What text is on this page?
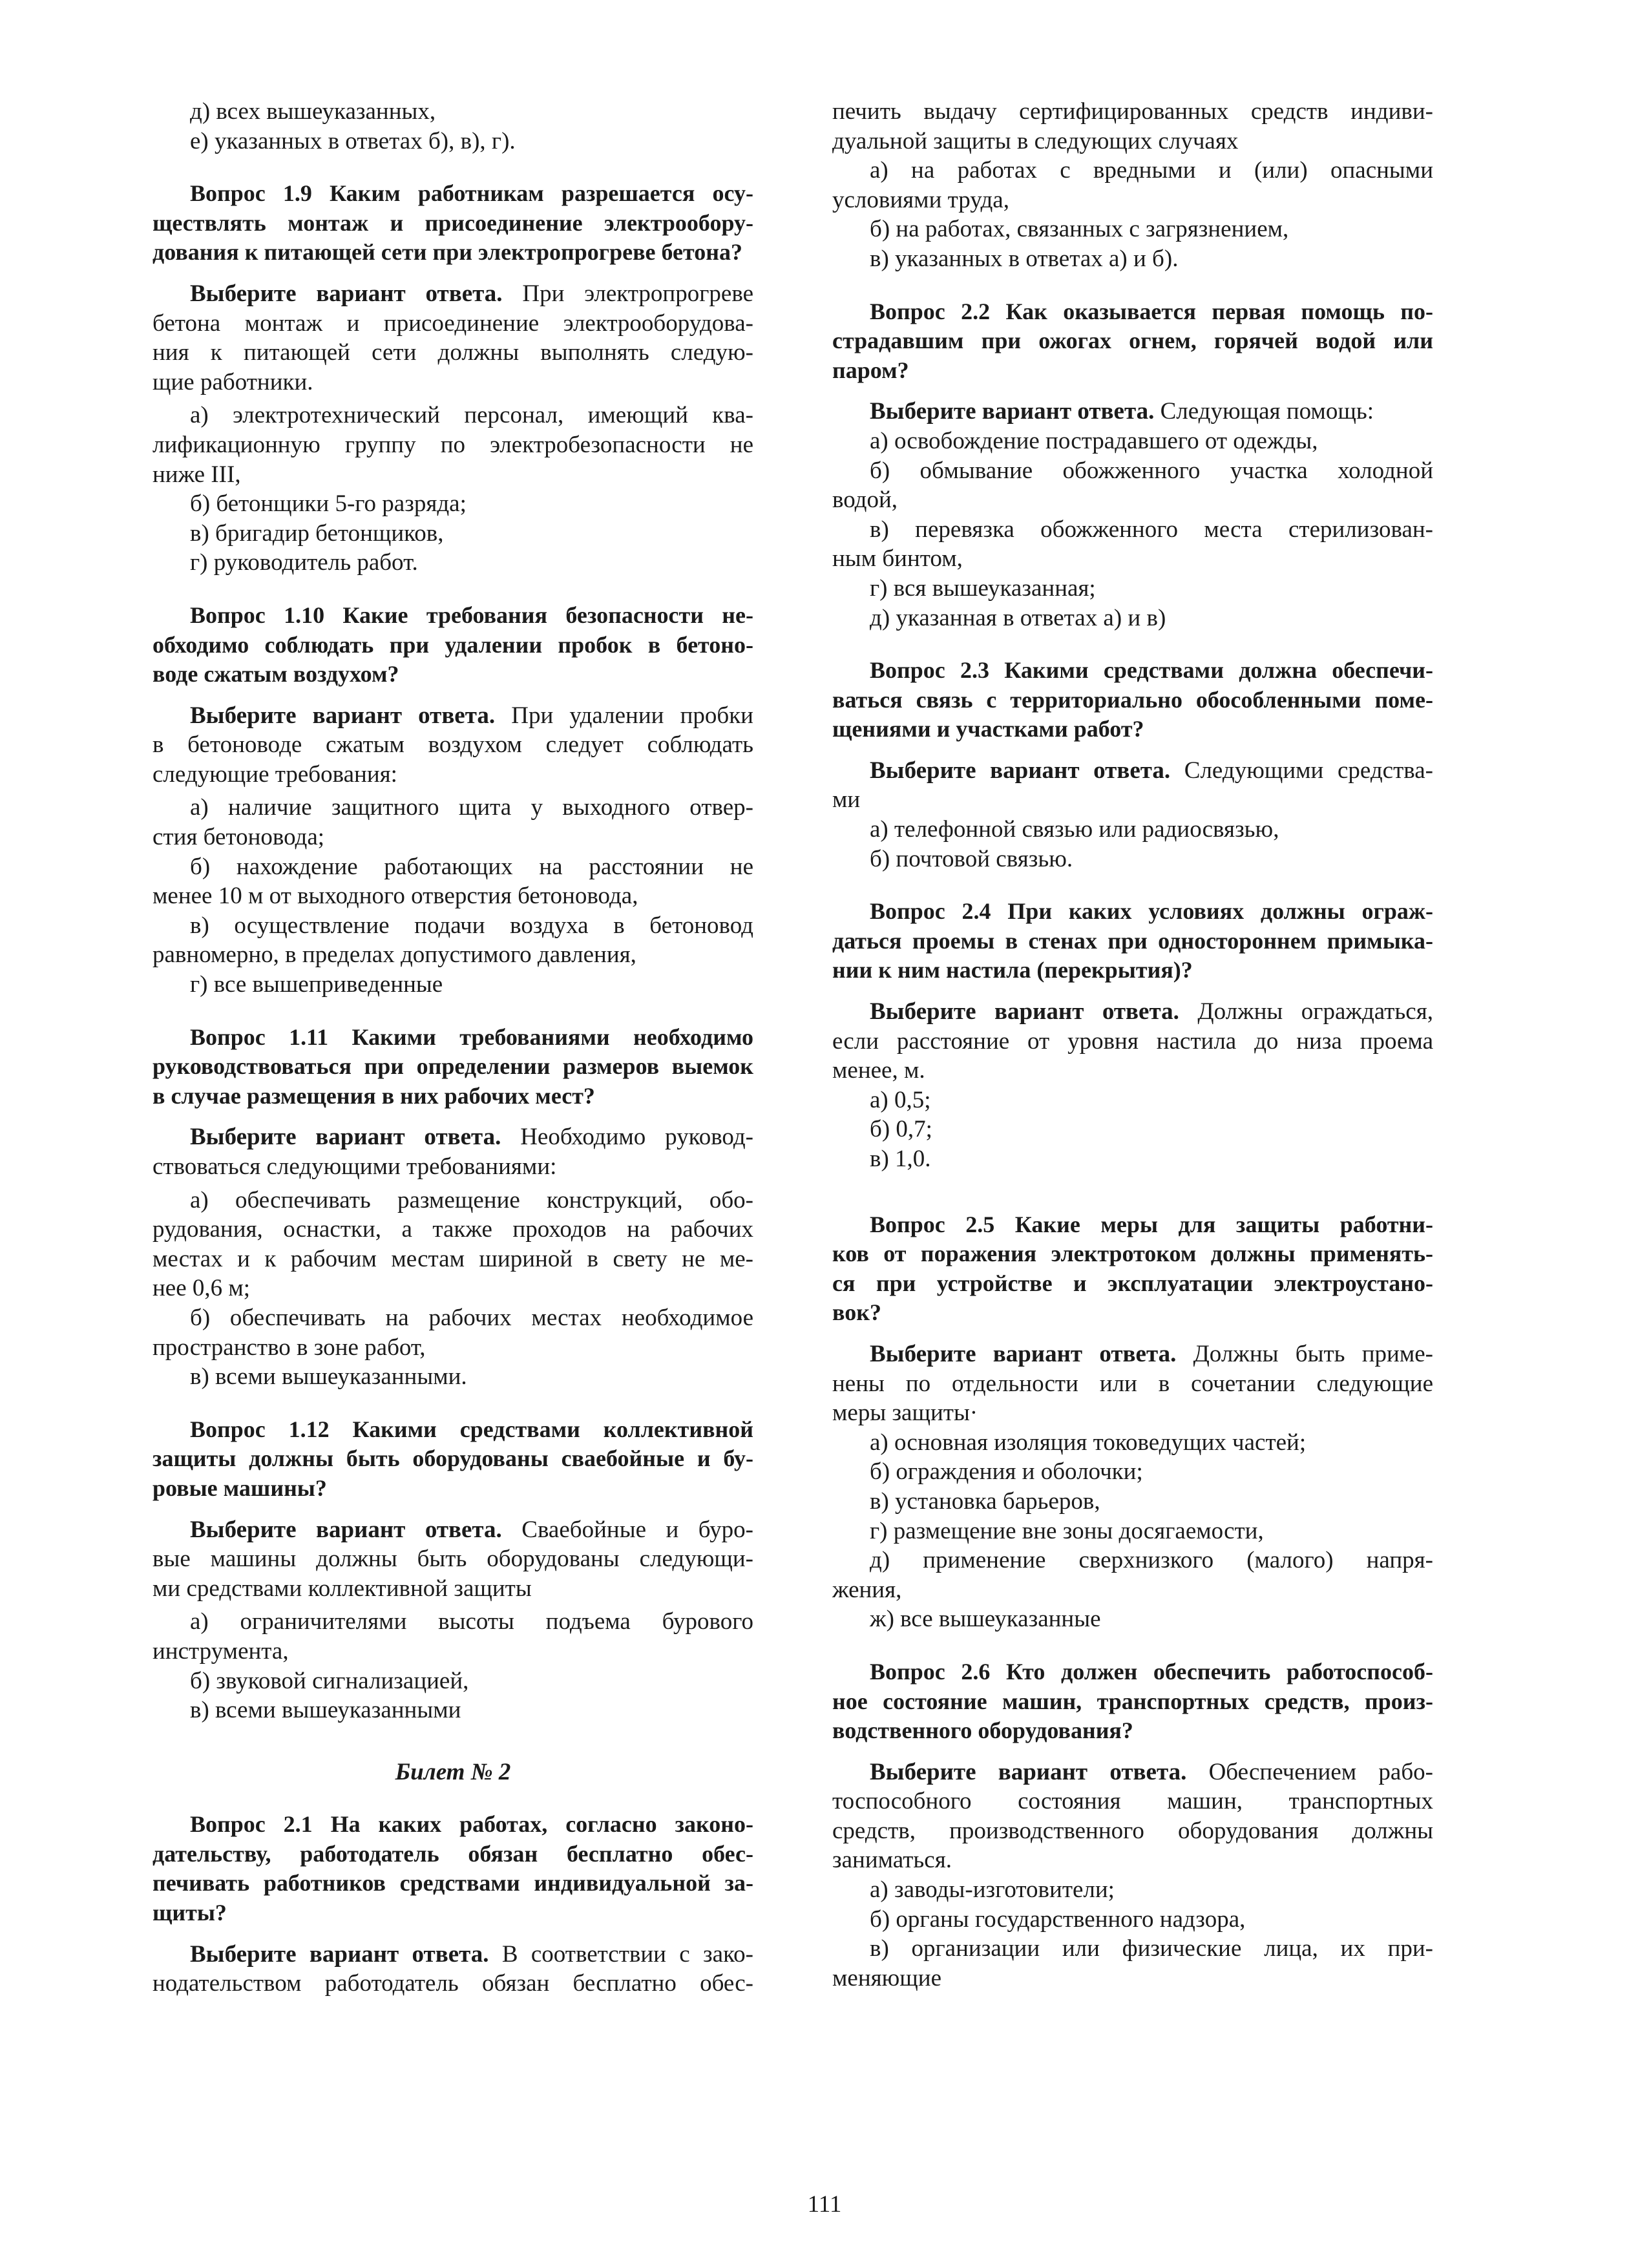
д) всех вышеуказанных,
е) указанных в ответах б), в), г).
Вопрос 1.9 Каким работникам разрешается осу-
ществлять монтаж и присоединение электрообору-
дования к питающей сети при электропрогреве бетона?
Выберите вариант ответа. При электропрогреве
бетона монтаж и присоединение электрооборудова-
ния к питающей сети должны выполнять следую-
щие работники.
а) электротехнический персонал, имеющий ква-
лификационную группу по электробезопасности не
ниже III,
б) бетонщики 5-го разряда;
в) бригадир бетонщиков,
г) руководитель работ.
Вопрос 1.10 Какие требования безопасности не-
обходимо соблюдать при удалении пробок в бетоно-
воде сжатым воздухом?
Выберите вариант ответа. При удалении пробки
в бетоноводе сжатым воздухом следует соблюдать
следующие требования:
а) наличие защитного щита у выходного отвер-
стия бетоновода;
б) нахождение работающих на расстоянии не
менее 10 м от выходного отверстия бетоновода,
в) осуществление подачи воздуха в бетоновод
равномерно, в пределах допустимого давления,
г) все вышеприведенные
Вопрос 1.11 Какими требованиями необходимо
руководствоваться при определении размеров выемок
в случае размещения в них рабочих мест?
Выберите вариант ответа. Необходимо руковод-
ствоваться следующими требованиями:
а) обеспечивать размещение конструкций, обо-
рудования, оснастки, а также проходов на рабочих
местах и к рабочим местам шириной в свету не ме-
нее 0,6 м;
б) обеспечивать на рабочих местах необходимое
пространство в зоне работ,
в) всеми вышеуказанными.
Вопрос 1.12 Какими средствами коллективной
защиты должны быть оборудованы сваебойные и бу-
ровые машины?
Выберите вариант ответа. Сваебойные и буро-
вые машины должны быть оборудованы следующи-
ми средствами коллективной защиты
а) ограничителями высоты подъема бурового
инструмента,
б) звуковой сигнализацией,
в) всеми вышеуказанными
Билет № 2
Вопрос 2.1 На каких работах, согласно законо-
дательству, работодатель обязан бесплатно обес-
печивать работников средствами индивидуальной за-
щиты?
Выберите вариант ответа. В соответствии с зако-
нодательством работодатель обязан бесплатно обес-
печить выдачу сертифицированных средств индиви-
дуальной защиты в следующих случаях
а) на работах с вредными и (или) опасными
условиями труда,
б) на работах, связанных с загрязнением,
в) указанных в ответах а) и б).
Вопрос 2.2 Как оказывается первая помощь по-
страдавшим при ожогах огнем, горячей водой или
паром?
Выберите вариант ответа. Следующая помощь:
а) освобождение пострадавшего от одежды,
б) обмывание обожженного участка холодной
водой,
в) перевязка обожженного места стерилизован-
ным бинтом,
г) вся вышеуказанная;
д) указанная в ответах а) и в)
Вопрос 2.3 Какими средствами должна обеспечи-
ваться связь с территориально обособленными поме-
щениями и участками работ?
Выберите вариант ответа. Следующими средства-
ми
а) телефонной связью или радиосвязью,
б) почтовой связью.
Вопрос 2.4 При каких условиях должны ограж-
даться проемы в стенах при одностороннем примыка-
нии к ним настила (перекрытия)?
Выберите вариант ответа. Должны ограждаться,
если расстояние от уровня настила до низа проема
менее, м.
а) 0,5;
б) 0,7;
в) 1,0.
Вопрос 2.5 Какие меры для защиты работни-
ков от поражения электротоком должны применять-
ся при устройстве и эксплуатации электроустано-
вок?
Выберите вариант ответа. Должны быть приме-
нены по отдельности или в сочетании следующие
меры защиты·
а) основная изоляция токоведущих частей;
б) ограждения и оболочки;
в) установка барьеров,
г) размещение вне зоны досягаемости,
д) применение сверхнизкого (малого) напря-
жения,
ж) все вышеуказанные
Вопрос 2.6 Кто должен обеспечить работоспособ-
ное состояние машин, транспортных средств, произ-
водственного оборудования?
Выберите вариант ответа. Обеспечением рабо-
тоспособного состояния машин, транспортных
средств, производственного оборудования должны
заниматься.
а) заводы-изготовители;
б) органы государственного надзора,
в) организации или физические лица, их при-
меняющие
111
